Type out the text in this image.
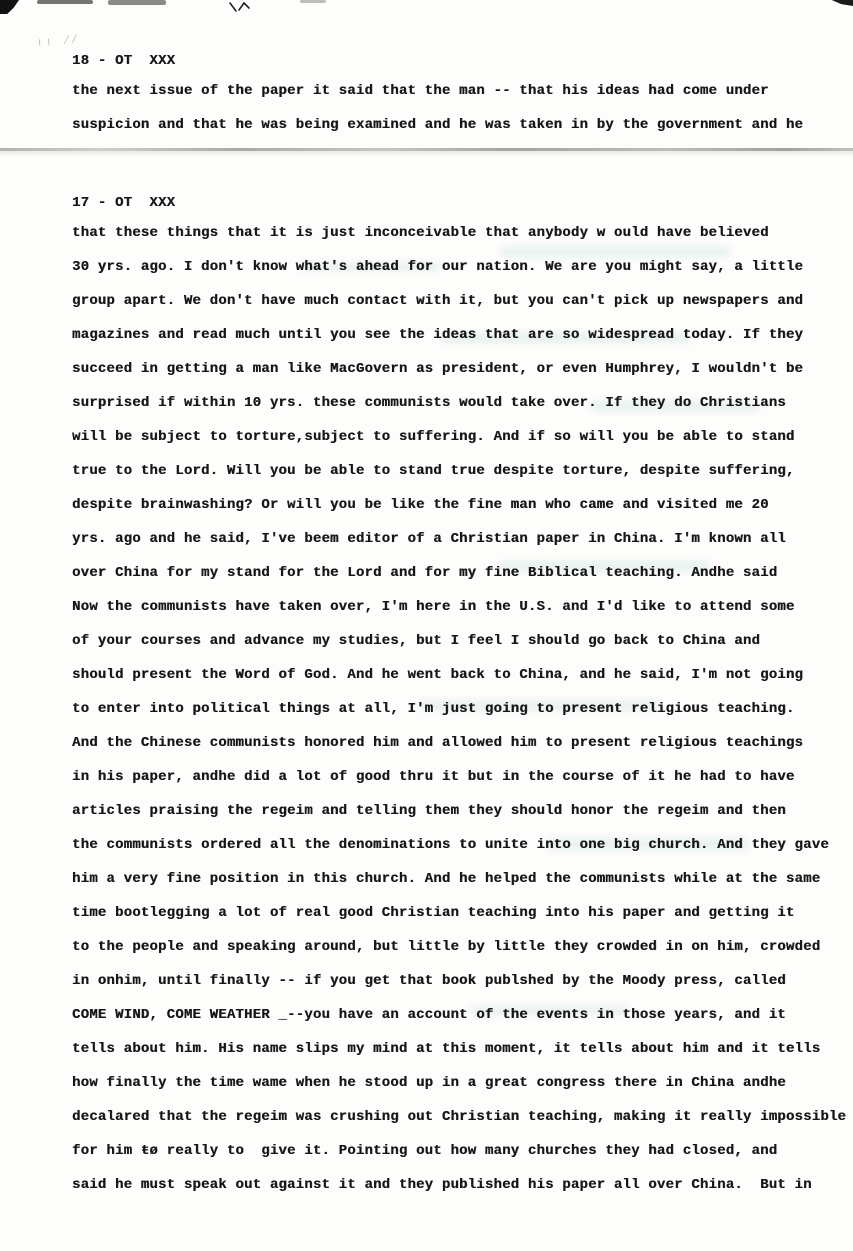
ıı ⁄⁄
18 - OT  XXX
the next issue of the paper it said that the man -- that his ideas had come under
suspicion and that he was being examined and he was taken in by the government and he
17 - OT  XXX
that these things that it is just inconceivable that anybody w ould have believed
30 yrs. ago. I don't know what's ahead for our nation. We are you might say, a little
group apart. We don't have much contact with it, but you can't pick up newspapers and
magazines and read much until you see the ideas that are so widespread today. If they
succeed in getting a man like MacGovern as president, or even Humphrey, I wouldn't be
surprised if within 10 yrs. these communists would take over. If they do Christians
will be subject to torture,subject to suffering. And if so will you be able to stand
true to the Lord. Will you be able to stand true despite torture, despite suffering,
despite brainwashing? Or will you be like the fine man who came and visited me 20
yrs. ago and he said, I've beem editor of a Christian paper in China. I'm known all
over China for my stand for the Lord and for my fine Biblical teaching. Andhe said
Now the communists have taken over, I'm here in the U.S. and I'd like to attend some
of your courses and advance my studies, but I feel I should go back to China and
should present the Word of God. And he went back to China, and he said, I'm not going
to enter into political things at all, I'm just going to present religious teaching.
And the Chinese communists honored him and allowed him to present religious teachings
in his paper, andhe did a lot of good thru it but in the course of it he had to have
articles praising the regeim and telling them they should honor the regeim and then
the communists ordered all the denominations to unite into one big church. And they gave
him a very fine position in this church. And he helped the communists while at the same
time bootlegging a lot of real good Christian teaching into his paper and getting it
to the people and speaking around, but little by little they crowded in on him, crowded
in onhim, until finally -- if you get that book publshed by the Moody press, called
COME WIND, COME WEATHER _--you have an account of the events in those years, and it
tells about him. His name slips my mind at this moment, it tells about him and it tells
how finally the time wame when he stood up in a great congress there in China andhe
decalared that the regeim was crushing out Christian teaching, making it really impossible
for him ŧø really to  give it. Pointing out how many churches they had closed, and
said he must speak out against it and they published his paper all over China.  But in
